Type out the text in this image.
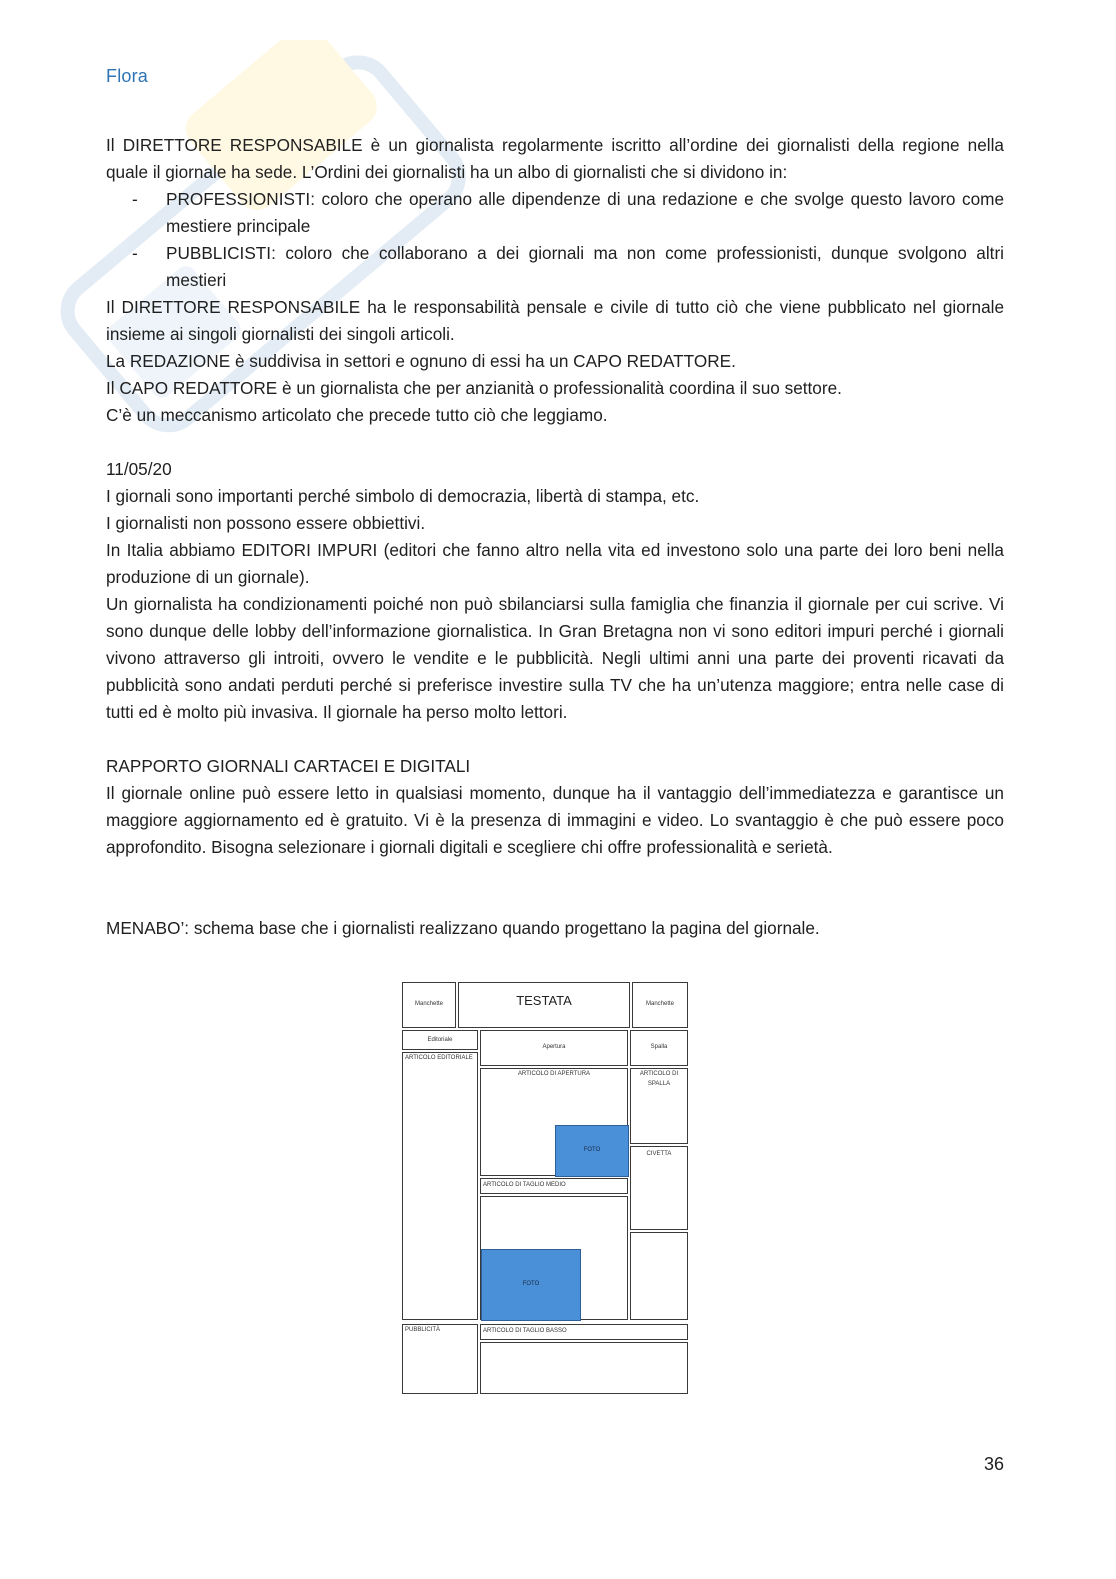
Flora

Il DIRETTORE RESPONSABILE è un giornalista regolarmente iscritto all’ordine dei giornalisti della regione nella quale il giornale ha sede. L’Ordini dei giornalisti ha un albo di giornalisti che si dividono in:

- PROFESSIONISTI: coloro che operano alle dipendenze di una redazione e che svolge questo lavoro come mestiere principale
- PUBBLICISTI: coloro che collaborano a dei giornali ma non come professionisti, dunque svolgono altri mestieri

Il DIRETTORE RESPONSABILE ha le responsabilità pensale e civile di tutto ciò che viene pubblicato nel giornale insieme ai singoli giornalisti dei singoli articoli.

La REDAZIONE è suddivisa in settori e ognuno di essi ha un CAPO REDATTORE.

Il CAPO REDATTORE è un giornalista che per anzianità o professionalità coordina il suo settore.

C’è un meccanismo articolato che precede tutto ciò che leggiamo.

11/05/20

I giornali sono importanti perché simbolo di democrazia, libertà di stampa, etc.

I giornalisti non possono essere obbiettivi.

In Italia abbiamo EDITORI IMPURI (editori che fanno altro nella vita ed investono solo una parte dei loro beni nella produzione di un giornale).

Un giornalista ha condizionamenti poiché non può sbilanciarsi sulla famiglia che finanzia il giornale per cui scrive. Vi sono dunque delle lobby dell’informazione giornalistica. In Gran Bretagna non vi sono editori impuri perché i giornali vivono attraverso gli introiti, ovvero le vendite e le pubblicità. Negli ultimi anni una parte dei proventi ricavati da pubblicità sono andati perduti perché si preferisce investire sulla TV che ha un’utenza maggiore; entra nelle case di tutti ed è molto più invasiva. Il giornale ha perso molto lettori.

RAPPORTO GIORNALI CARTACEI E DIGITALI

Il giornale online può essere letto in qualsiasi momento, dunque ha il vantaggio dell’immediatezza e garantisce un maggiore aggiornamento ed è gratuito. Vi è la presenza di immagini e video. Lo svantaggio è che può essere poco approfondito. Bisogna selezionare i giornali digitali e scegliere chi offre professionalità e serietà.

MENABO’: schema base che i giornalisti realizzano quando progettano la pagina del giornale.

Manchette	TESTATA	Manchette
Editoriale
Apertura	Spalla
ARTICOLO EDITORIALE
ARTICOLO DI APERTURA
FOTO
ARTICOLO DI
SPALLA
CIVETTA
ARTICOLO DI TAGLIO MEDIO
FOTO
PUBBLICITÀ	ARTICOLO DI TAGLIO BASSO
36
